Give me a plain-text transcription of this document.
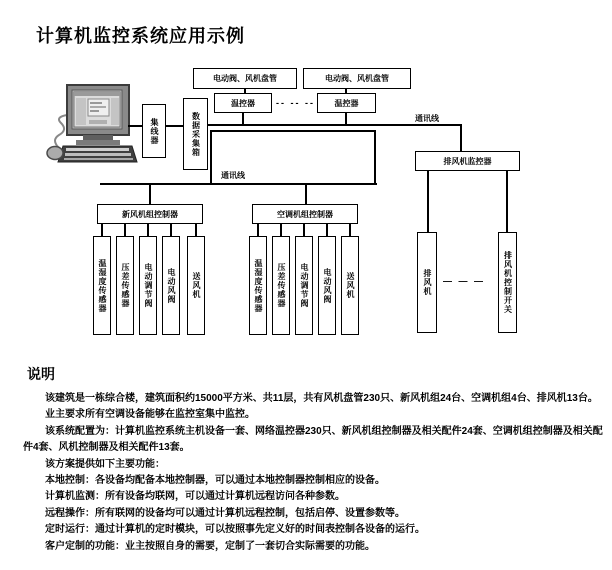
计算机监控系统应用示例
集线器	数据采集箱	通讯线
电动阀、风机盘管
温控器 -- -- --
电动阀、风机盘管
温控器
通讯线
新风机组控制器
温湿度传感器 压差传感器 电动调节阀 电动风阀 送风机
空调机组控制器
温湿度传感器 压差传感器 电动调节阀 电动风阀 送风机
排风机监控器
排风机	排风机控制开关
— — —
说明
该建筑是一栋综合楼，建筑面积约15000平方米、共11层，共有风机盘管230只、新风机组24台、空调机组4台、排风机13台。
业主要求所有空调设备能够在监控室集中监控。
该系统配置为：计算机监控系统主机设备一套、网络温控器230只、新风机组控制器及相关配件24套、空调机组控制器及相关配
件4套、风机控制器及相关配件13套。
该方案提供如下主要功能：
本地控制：各设备均配备本地控制器，可以通过本地控制器控制相应的设备。
计算机监测：所有设备均联网，可以通过计算机远程访问各种参数。
远程操作：所有联网的设备均可以通过计算机远程控制，包括启停、设置参数等。
定时运行：通过计算机的定时模块，可以按照事先定义好的时间表控制各设备的运行。
客户定制的功能：业主按照自身的需要，定制了一套切合实际需要的功能。
